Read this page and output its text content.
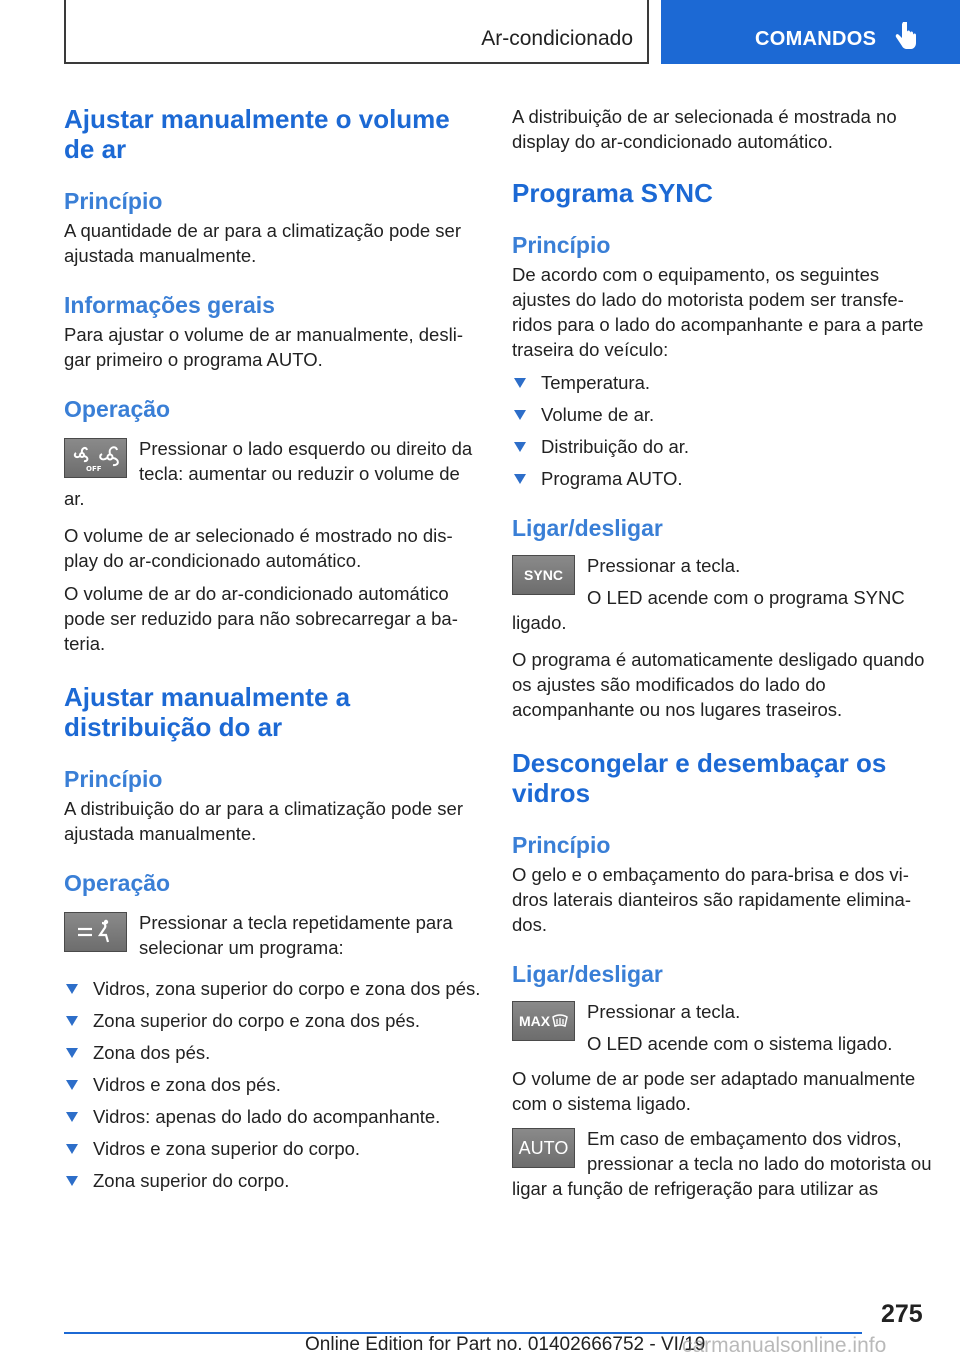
Ar-condicionado	COMANDOS
Ajustar manualmente o volume de ar
Princípio

A quantidade de ar para a climatização pode ser ajustada manualmente.

Informações gerais

Para ajustar o volume de ar manualmente, desli-gar primeiro o programa AUTO.

Operação
OFF

Pressionar o lado esquerdo ou direito da tecla: aumentar ou reduzir o volume de ar.

O volume de ar selecionado é mostrado no dis-play do ar-condicionado automático.

O volume de ar do ar-condicionado automático pode ser reduzido para não sobrecarregar a ba-teria.

Ajustar manualmente a distribuição do ar
Princípio

A distribuição do ar para a climatização pode ser ajustada manualmente.

Operação

Pressionar a tecla repetidamente para selecionar um programa:

Vidros, zona superior do corpo e zona dos pés.
Zona superior do corpo e zona dos pés.
Zona dos pés.
Vidros e zona dos pés.
Vidros: apenas do lado do acompanhante.
Vidros e zona superior do corpo.
Zona superior do corpo.

A distribuição de ar selecionada é mostrada no display do ar-condicionado automático.

Programa SYNC
Princípio

De acordo com o equipamento, os seguintes ajustes do lado do motorista podem ser transfe-ridos para o lado do acompanhante e para a parte traseira do veículo:

Temperatura.
Volume de ar.
Distribuição do ar.
Programa AUTO.
Ligar/desligar
SYNC	Pressionar a tecla.

O LED acende com o programa SYNC ligado.

O programa é automaticamente desligado quando os ajustes são modificados do lado do acompanhante ou nos lugares traseiros.

Descongelar e desembaçar os vidros
Princípio

O gelo e o embaçamento do para-brisa e dos vi-dros laterais dianteiros são rapidamente elimina-dos.

Ligar/desligar
MAX	Pressionar a tecla.

O LED acende com o sistema ligado.

O volume de ar pode ser adaptado manualmente com o sistema ligado.

AUTO	Em caso de embaçamento dos vidros, pressionar a tecla no lado do motorista ou ligar a função de refrigeração para utilizar as

275
Online Edition for Part no. 01402666752 - VI/19
carmanualsonline.info
